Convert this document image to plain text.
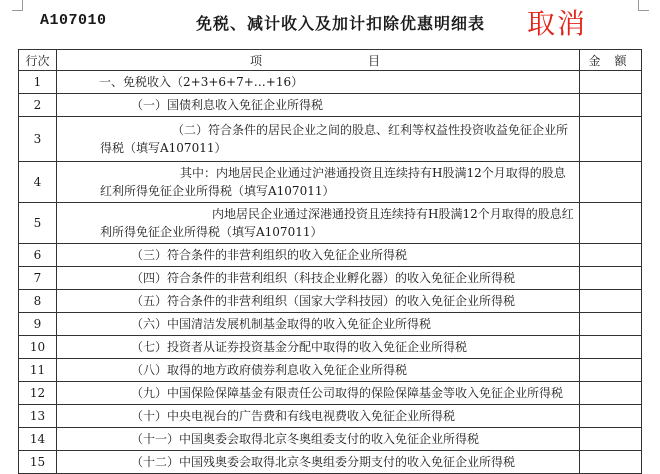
A107010	免税、减计收入及加计扣除优惠明细表 取消
行次	项 目	金 额
1	一、免税收入（2+3+6+7+…+16）	
2	（一）国债利息收入免征企业所得税	
3	（二）符合条件的居民企业之间的股息、红利等权益性投资收益免征企业所得税（填写A107011）	
4	其中：内地居民企业通过沪港通投资且连续持有H股满12个月取得的股息红利所得免征企业所得税（填写A107011）	
5	内地居民企业通过深港通投资且连续持有H股满12个月取得的股息红利所得免征企业所得税（填写A107011）	
6	（三）符合条件的非营利组织的收入免征企业所得税	
7	（四）符合条件的非营利组织（科技企业孵化器）的收入免征企业所得税	
8	（五）符合条件的非营利组织（国家大学科技园）的收入免征企业所得税	
9	（六）中国清洁发展机制基金取得的收入免征企业所得税	
10	（七）投资者从证券投资基金分配中取得的收入免征企业所得税	
11	（八）取得的地方政府债券利息收入免征企业所得税	
12	（九）中国保险保障基金有限责任公司取得的保险保障基金等收入免征企业所得税	
13	（十）中央电视台的广告费和有线电视费收入免征企业所得税	
14	（十一）中国奥委会取得北京冬奥组委支付的收入免征企业所得税	
15	（十二）中国残奥委会取得北京冬奥组委分期支付的收入免征企业所得税	
